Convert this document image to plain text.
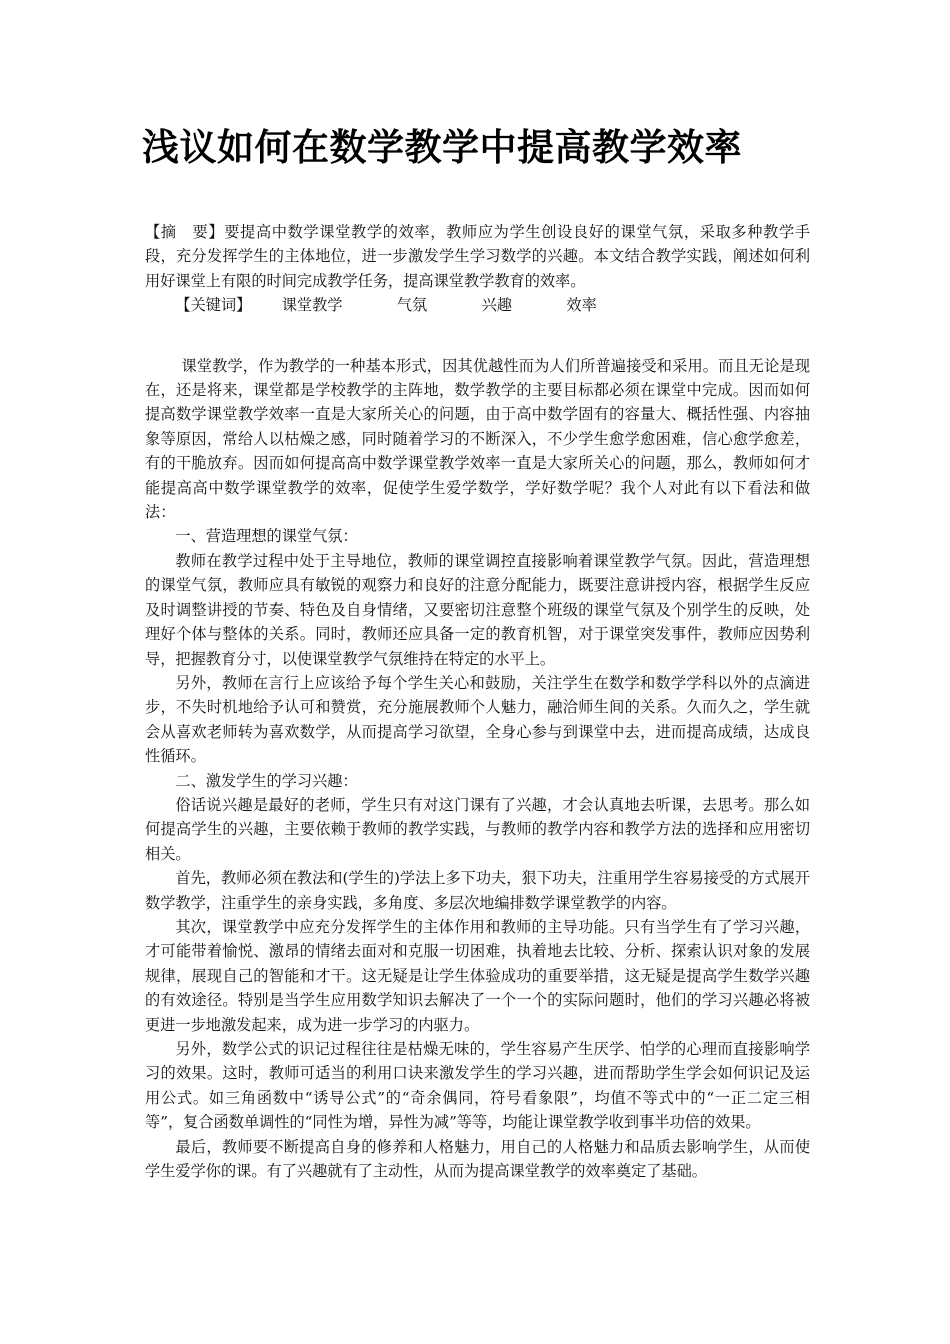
浅议如何在数学教学中提高教学效率

【摘　要】要提高中数学课堂教学的效率，教师应为学生创设良好的课堂气氛，采取多种教学手段，充分发挥学生的主体地位，进一步激发学生学习数学的兴趣。本文结合教学实践，阐述如何利用好课堂上有限的时间完成教学任务，提高课堂教学教育的效率。

【关键词】 课堂教学	气氛	兴趣	效率

课堂教学，作为教学的一种基本形式，因其优越性而为人们所普遍接受和采用。而且无论是现在，还是将来，课堂都是学校教学的主阵地，数学教学的主要目标都必须在课堂中完成。因而如何提高数学课堂教学效率一直是大家所关心的问题，由于高中数学固有的容量大、概括性强、内容抽象等原因，常给人以枯燥之感，同时随着学习的不断深入，不少学生愈学愈困难，信心愈学愈差，有的干脆放弃。因而如何提高高中数学课堂教学效率一直是大家所关心的问题，那么，教师如何才能提高高中数学课堂教学的效率，促使学生爱学数学，学好数学呢？我个人对此有以下看法和做法：

一、营造理想的课堂气氛：

教师在教学过程中处于主导地位，教师的课堂调控直接影响着课堂教学气氛。因此，营造理想的课堂气氛，教师应具有敏锐的观察力和良好的注意分配能力，既要注意讲授内容，根据学生反应及时调整讲授的节奏、特色及自身情绪，又要密切注意整个班级的课堂气氛及个别学生的反映，处理好个体与整体的关系。同时，教师还应具备一定的教育机智，对于课堂突发事件，教师应因势利导，把握教育分寸，以使课堂教学气氛维持在特定的水平上。

另外，教师在言行上应该给予每个学生关心和鼓励，关注学生在数学和数学学科以外的点滴进步，不失时机地给予认可和赞赏，充分施展教师个人魅力，融洽师生间的关系。久而久之，学生就会从喜欢老师转为喜欢数学，从而提高学习欲望，全身心参与到课堂中去，进而提高成绩，达成良性循环。

二、激发学生的学习兴趣：

俗话说兴趣是最好的老师，学生只有对这门课有了兴趣，才会认真地去听课，去思考。那么如何提高学生的兴趣，主要依赖于教师的教学实践，与教师的教学内容和教学方法的选择和应用密切相关。

首先，教师必须在教法和(学生的)学法上多下功夫，狠下功夫，注重用学生容易接受的方式展开数学教学，注重学生的亲身实践，多角度、多层次地编排数学课堂教学的内容。

其次，课堂教学中应充分发挥学生的主体作用和教师的主导功能。只有当学生有了学习兴趣，才可能带着愉悦、激昂的情绪去面对和克服一切困难，执着地去比较、分析、探索认识对象的发展规律，展现自己的智能和才干。这无疑是让学生体验成功的重要举措，这无疑是提高学生数学兴趣的有效途径。特别是当学生应用数学知识去解决了一个一个的实际问题时，他们的学习兴趣必将被更进一步地激发起来，成为进一步学习的内驱力。

另外，数学公式的识记过程往往是枯燥无味的，学生容易产生厌学、怕学的心理而直接影响学习的效果。这时，教师可适当的利用口诀来激发学生的学习兴趣，进而帮助学生学会如何识记及运用公式。如三角函数中“诱导公式”的“奇余偶同，符号看象限”，均值不等式中的“一正二定三相等”，复合函数单调性的“同性为增，异性为减”等等，均能让课堂教学收到事半功倍的效果。

最后，教师要不断提高自身的修养和人格魅力，用自己的人格魅力和品质去影响学生，从而使学生爱学你的课。有了兴趣就有了主动性，从而为提高课堂教学的效率奠定了基础。
